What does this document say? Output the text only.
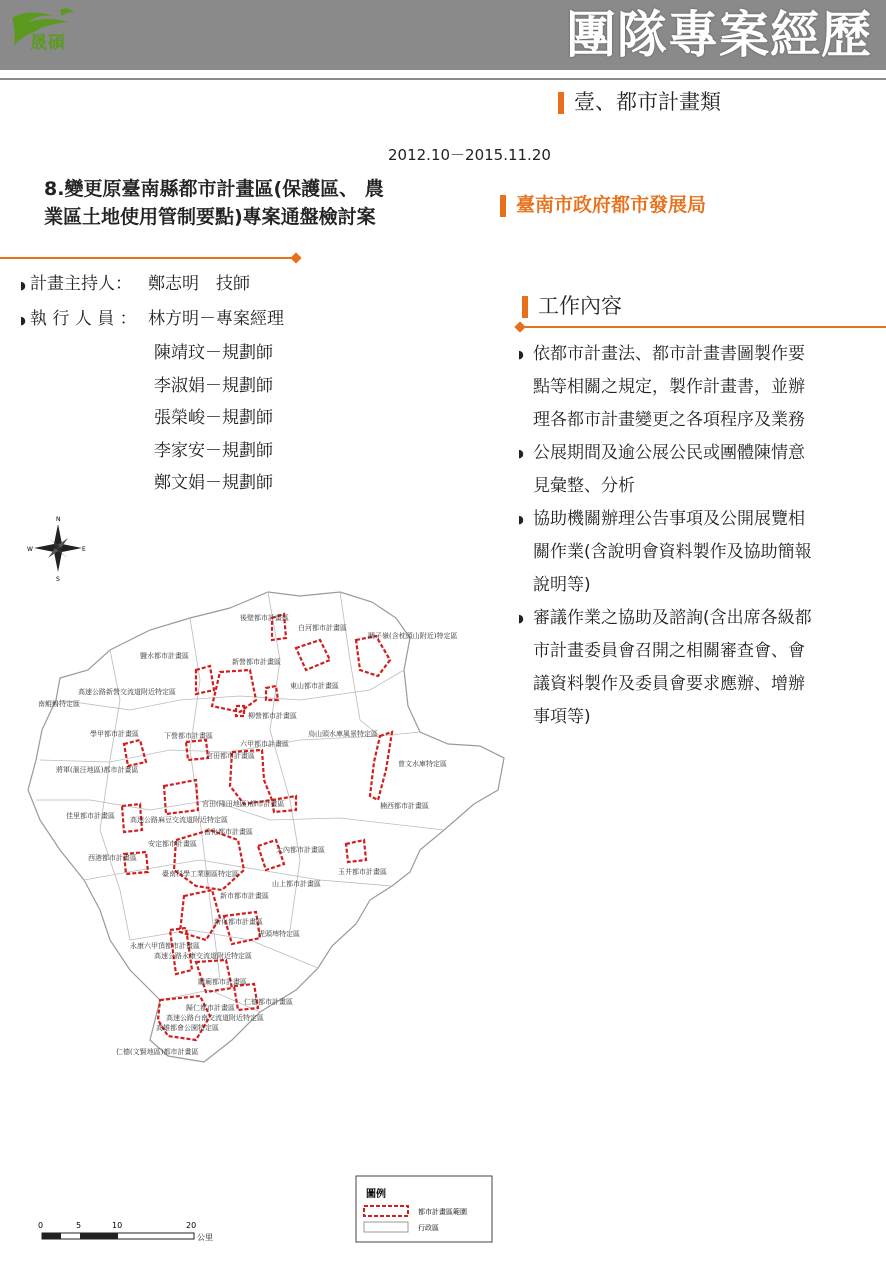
晟碩	團隊專案經歷
壹、都市計畫類
2012.10－2015.11.20
8.變更原臺南縣都市計畫區(保護區、 農
業區土地使用管制要點)專案通盤檢討案
臺南市政府都市發展局
◗ 計畫主持人： 鄭志明　技師
◗ 執 行 人 員 ： 林方明－專案經理
陳靖玟－規劃師
李淑娟－規劃師
張榮峻－規劃師
李家安－規劃師
鄭文娟－規劃師
工作內容
◗ 依都市計畫法、都市計畫書圖製作要
點等相關之規定，製作計畫書，並辦
理各都市計畫變更之各項程序及業務
◗ 公展期間及逾公展公民或團體陳情意
見彙整、分析
◗ 協助機關辦理公告事項及公開展覽相
關作業(含說明會資料製作及協助簡報
說明等)
◗ 審議作業之協助及諮詢(含出席各級都
市計畫委員會召開之相關審查會、會
議資料製作及委員會要求應辦、增辦
事項等)
N
S
E
W
後壁都市計畫區
白河都市計畫區
關子嶺(含枕頭山附近)特定區
鹽水都市計畫區
新營都市計畫區
高速公路新營交流道附近特定區
東山都市計畫區
南鯤鯓特定區
柳營都市計畫區
學甲都市計畫區	下營都市計畫區	烏山頭水庫風景特定區
六甲都市計畫區
官田都市計畫區
曾文水庫特定區
將軍(漚汪地區)都市計畫區
官田(隆田地區)都市計畫區	楠西都市計畫區
佳里都市計畫區 高速公路麻豆交流道附近特定區
善化都市計畫區
安定都市計畫區
大內都市計畫區
西港都市計畫區
玉井都市計畫區
臺南科學工業園區特定區
山上都市計畫區
新市都市計畫區
新化都市計畫區
虎頭埤特定區
永康六甲頂都市計畫區
高速公路永康交流道附近特定區
關廟都市計畫區
仁德都市計畫區
歸仁都市計畫區
高速公路台南交流道附近特定區
高雄都會公園特定區
仁德(文賢地區)都市計畫區
0	5	10	20
公里
圖例
都市計畫區範圍
行政區
